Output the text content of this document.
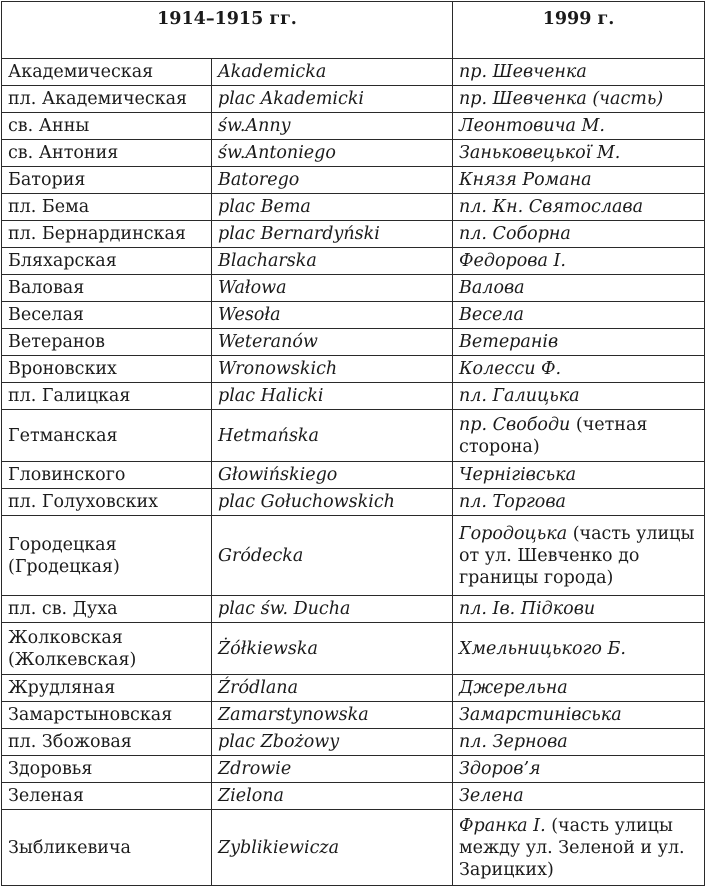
1914–1915 гг.		1999 г.
Академическая	Akademicka	пр. Шевченка
пл. Академическая	plac Akademicki	пр. Шевченка (часть)
св. Анны	św.Anny	Леонтовича М.
св. Антония	św.Antoniego	Заньковецької М.
Батория	Batorego	Князя Романа
пл. Бема	plac Bema	пл. Кн. Святослава
пл. Бернардинская	plac Bernardyński	пл. Соборна
Бляхарская	Blacharska	Федорова І.
Валовая	Wałowa	Валова
Веселая	Wesoła	Весела
Ветеранов	Weteranów	Ветеранів
Вроновских	Wronowskich	Колесси Ф.
пл. Галицкая	plac Halicki	пл. Галицька
Гетманская	Hetmańska	пр. Свободи (четная сторона)
Гловинского	Głowińskiego	Чернігівська
пл. Голуховских	plac Gołuchowskich	пл. Торгова
Городецкая (Гродецкая)	Gródecka	Городоцька (часть улицы от ул. Шевченко до границы города)
пл. св. Духа	plac św. Ducha	пл. Ів. Підкови
Жолковская (Жолкевская)	Żółkiewska	Хмельницького Б.
Жрудляная	Źródlana	Джерельна
Замарстыновская	Zamarstynowska	Замарстинівська
пл. Збожовая	plac Zbożowy	пл. Зернова
Здоровья	Zdrowie	Здоров’я
Зеленая	Zielona	Зелена
Зыбликевича	Zyblikiewicza	Франка І. (часть улицы между ул. Зеленой и ул. Зарицких)
